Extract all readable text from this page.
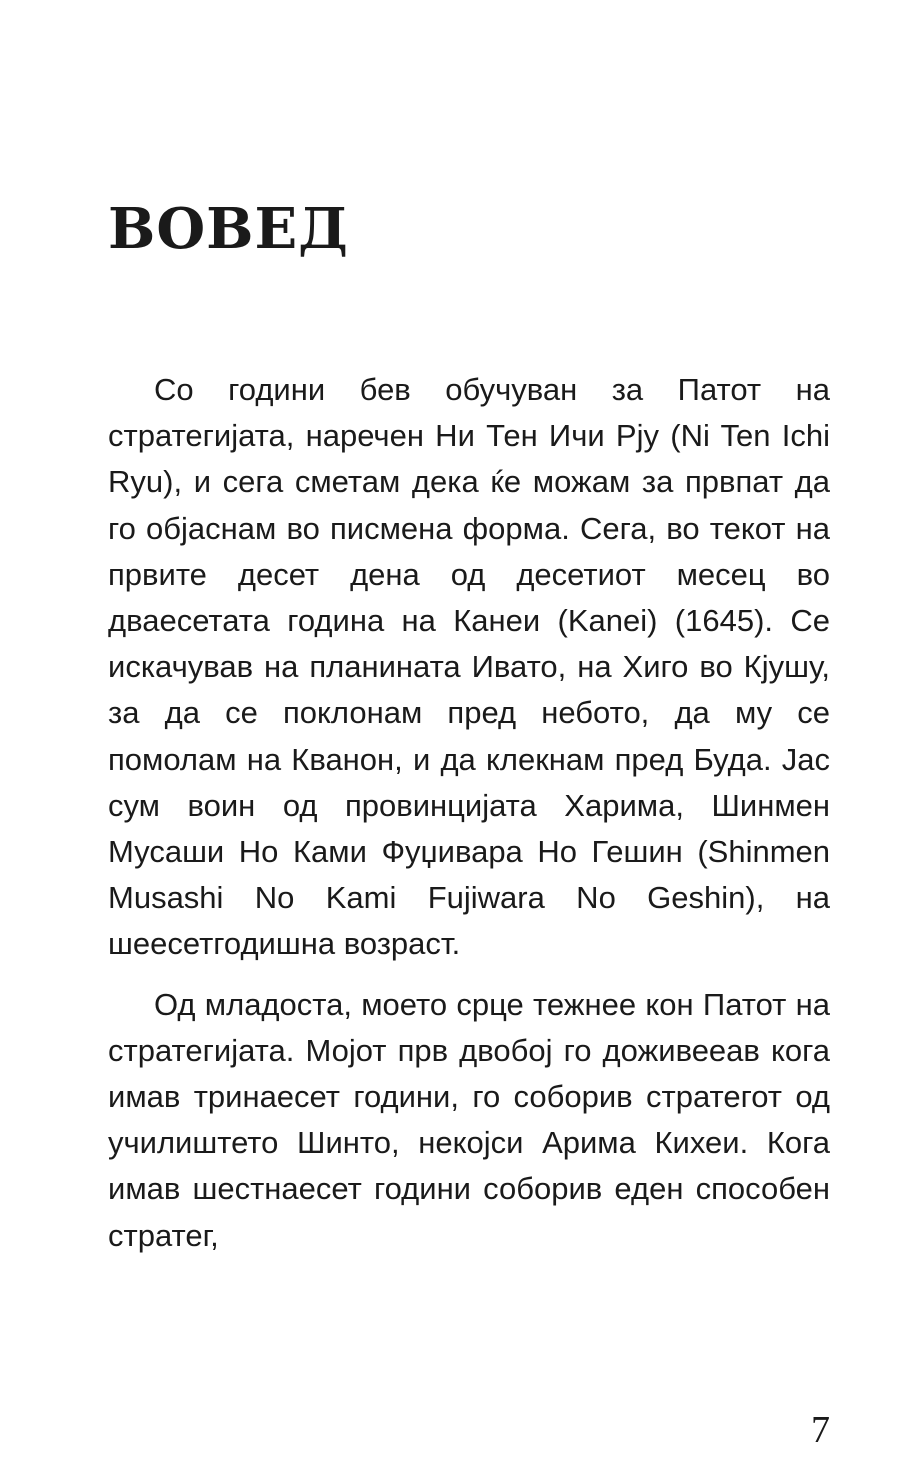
ВОВЕД

Со години бев обучуван за Патот на стратегијата, наречен Ни Тен Ичи Рју (Ni Ten Ichi Ryu), и сега сметам дека ќе можам за првпат да го објаснам во писмена форма. Сега, во текот на првите десет дена од десетиот месец во дваесетата година на Канеи (Kanei) (1645). Се искачував на планината Ивато, на Хиго во Кјушу, за да се поклонам пред небото, да му се помолам на Кванон, и да клекнам пред Буда. Јас сум воин од провинцијата Харима, Шинмен Мусаши Но Ками Фуџивара Но Гешин (Shinmen Musashi No Kami Fujiwara No Geshin), на шеесетгодишна возраст.

Од младоста, моето срце тежнее кон Патот на стратегијата. Мојот прв двобој го доживееав кога имав тринаесет години, го соборив стратегот од училиштето Шинто, некојси Арима Кихеи. Кога имав шестнаесет години соборив еден способен стратег,

7
